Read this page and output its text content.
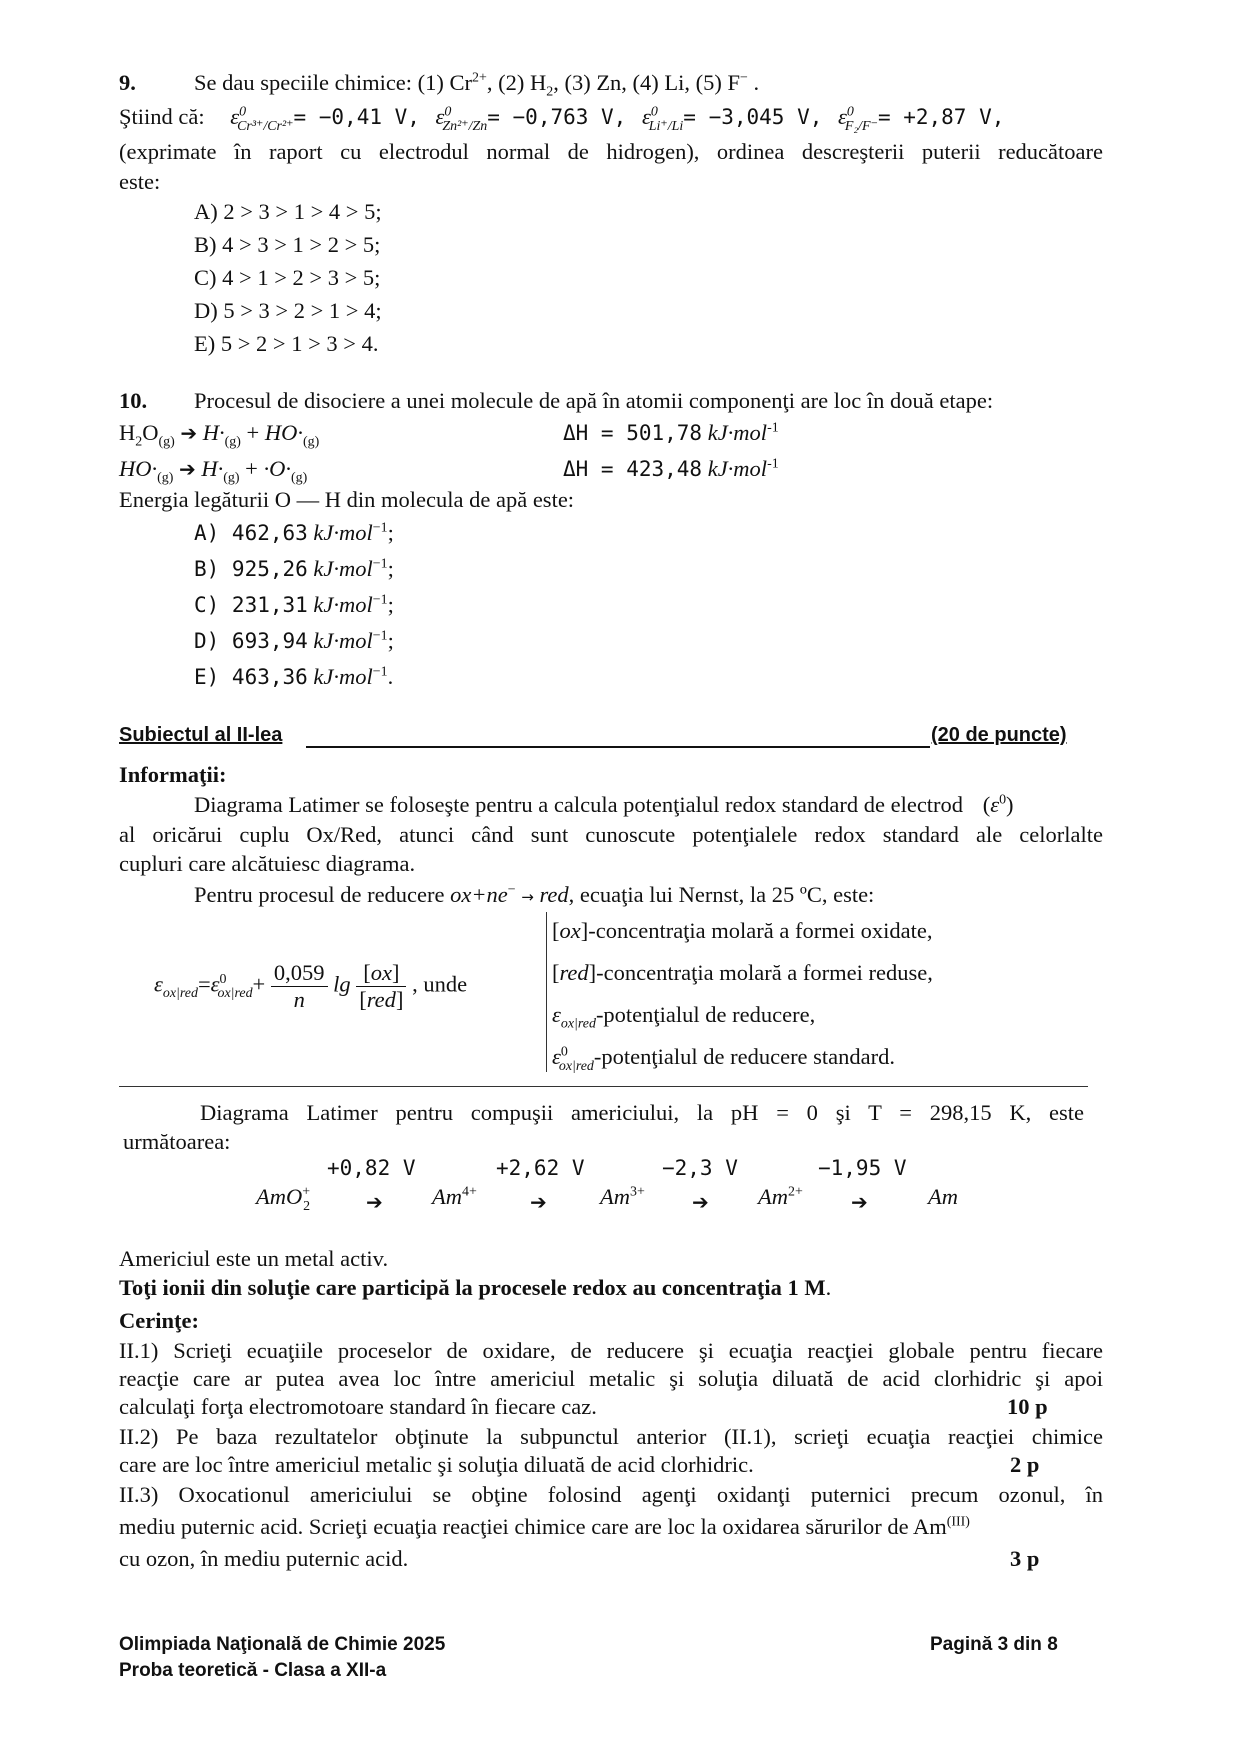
9.	Se dau speciile chimice: (1) $Cr^{2+}$, (2) $H_2$, (3) Zn, (4) Li, (5) F− .
Ştiind că: $\varepsilon^0_{Cr^{3+}/Cr^{2+}}= -0,41$ V, $\varepsilon^0_{Zn^{2+}/Zn}= -0,763$ V, $\varepsilon^0_{Li^+/Li}= -3,045$ V, $\varepsilon^0_{F_2/F^-}= +2,87$ V,
(exprimate în raport cu electrodul normal de hidrogen), ordinea descreşterii puterii reducătoare
este:
A) 2 > 3 > 1 > 4 > 5;
B) 4 > 3 > 1 > 2 > 5;
C) 4 > 1 > 2 > 3 > 5;
D) 5 > 3 > 2 > 1 > 4;
E) 5 > 2 > 1 > 3 > 4.
10. Procesul de disociere a unei molecule de apă în atomii componenţi are loc în două etape:
$H_2O_{(g)}$ ➔ $H\cdot_{(g)} + HO\cdot_{(g)}$	ΔH = 501,78 kJ·mol$^{-1}$
$HO\cdot_{(g)}$ ➔ $H\cdot_{(g)} + \cdot O\cdot_{(g)}$	ΔH = 423,48 kJ·mol$^{-1}$
Energia legăturii O — H din molecula de apă este:
A) 462,63 kJ·mol$^{-1}$;
B) 925,26 kJ·mol$^{-1}$;
C) 231,31 kJ·mol$^{-1}$;
D) 693,94 kJ·mol$^{-1}$;
E) 463,36 kJ·mol$^{-1}$.
Subiectul al II-lea	(20 de puncte)
Informaţii:
Diagrama Latimer se foloseşte pentru a calcula potenţialul redox standard de electrod $(\varepsilon^0)$
al oricărui cuplu Ox/Red, atunci când sunt cunoscute potenţialele redox standard ale celorlalte
cupluri care alcătuiesc diagrama.
Pentru procesul de reducere ox+ne− → red, ecuaţia lui Nernst, la 25 ºC, este:
$\varepsilon_{ox|red}=\varepsilon^0_{ox|red}+ \frac{0,059}{n}$ $\lg \frac{[ox]}{\text{[red]}}$ , unde
[ox]-concentraţia molară a formei oxidate,
[red]-concentraţia molară a formei reduse,
$\varepsilon_{ox|red}$-potenţialul de reducere,
$\varepsilon^0_{ox|red}$-potenţialul de reducere standard.
Diagrama Latimer pentru compuşii americiului, la pH = 0 şi T = 298,15 K, este
următoarea:
+0,82 V	+2,62 V	−2,3 V	−1,95 V
AmO+$_2$	➔ $Am^{4+}$	➔ $Am^{3+}$ ➔ $Am^{2+}$ ➔	Am
Americiul este un metal activ.
Toţi ionii din soluţie care participă la procesele redox au concentraţia 1 M.
Cerinţe:
II.1) Scrieţi ecuaţiile proceselor de oxidare, de reducere şi ecuaţia reacţiei globale pentru fiecare
reacţie care ar putea avea loc între americiul metalic şi soluţia diluată de acid clorhidric şi apoi
calculaţi forţa electromotoare standard în fiecare caz.	10 p
II.2) Pe baza rezultatelor obţinute la subpunctul anterior (II.1), scrieţi ecuaţia reacţiei chimice
care are loc între americiul metalic şi soluţia diluată de acid clorhidric.	2 p
II.3) Oxocationul americiului se obţine folosind agenţi oxidanţi puternici precum ozonul, în
mediu puternic acid. Scrieţi ecuaţia reacţiei chimice care are loc la oxidarea sărurilor de $Am^{(III)}$
cu ozon, în mediu puternic acid.	3 p
Olimpiada Naţională de Chimie 2025	Pagină 3 din 8
Proba teoretică - Clasa a XII-a
